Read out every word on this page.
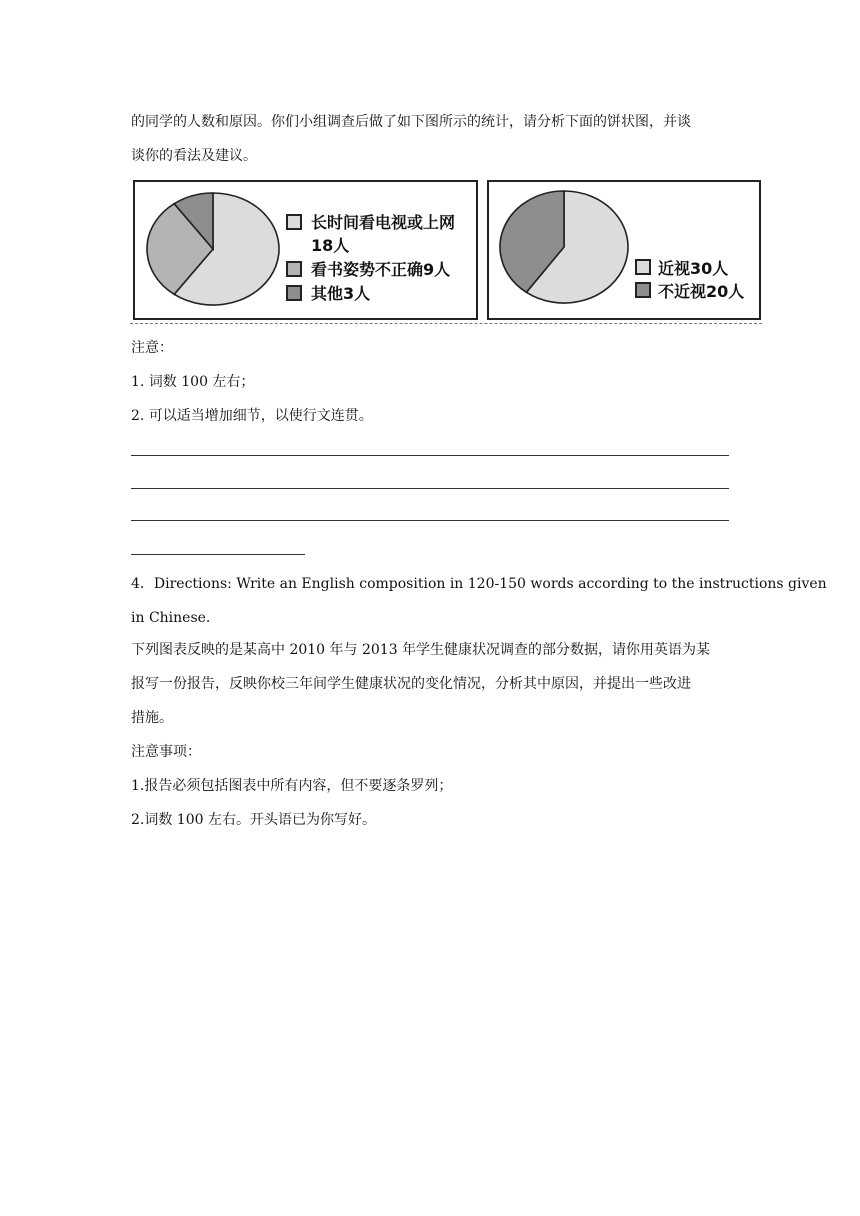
的同学的人数和原因。你们小组调查后做了如下图所示的统计，请分析下面的饼状图，并谈
谈你的看法及建议。
长时间看电视或上网
18人
看书姿势不正确9人
其他3人
近视30人
不近视20人
注意：
1. 词数 100 左右；
2. 可以适当增加细节，以使行文连贯。
4．Directions: Write an English composition in 120-150 words according to the instructions given
in Chinese.
下列图表反映的是某高中 2010 年与 2013 年学生健康状况调查的部分数据，请你用英语为某
报写一份报告，反映你校三年间学生健康状况的变化情况，分析其中原因，并提出一些改进
措施。
注意事项：
1.报告必须包括图表中所有内容，但不要逐条罗列；
2.词数 100 左右。开头语已为你写好。
